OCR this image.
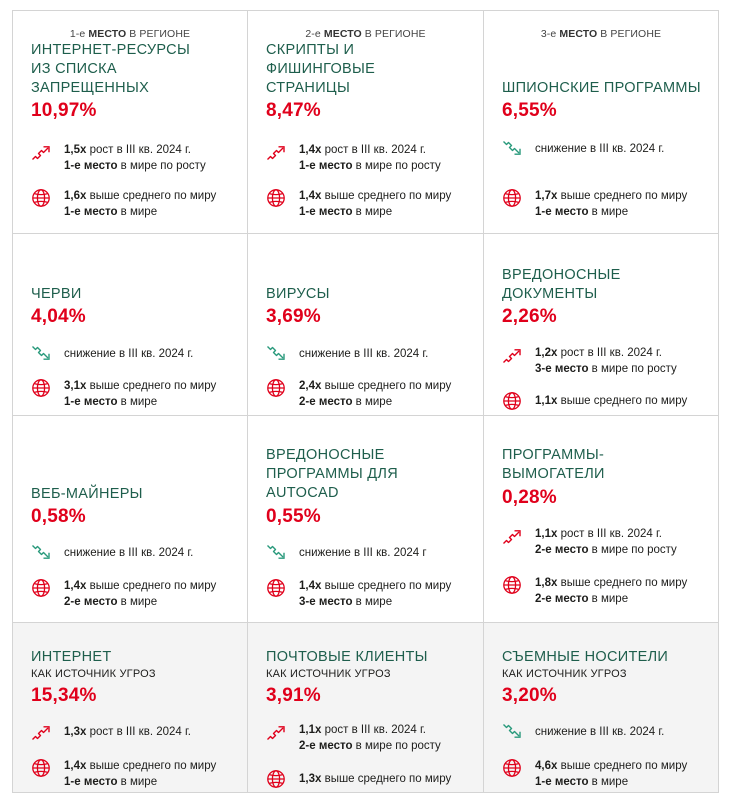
1-е МЕСТО В РЕГИОНЕ
ИНТЕРНЕТ-РЕСУРСЫ
ИЗ СПИСКА
ЗАПРЕЩЕННЫХ
10,97%
1,5x рост в III кв. 2024 г.
1-е место в мире по росту
1,6x выше среднего по миру
1-е место в мире
2-е МЕСТО В РЕГИОНЕ
СКРИПТЫ И
ФИШИНГОВЫЕ
СТРАНИЦЫ
8,47%
1,4x рост в III кв. 2024 г.
1-е место в мире по росту
1,4x выше среднего по миру
1-е место в мире
3-е МЕСТО В РЕГИОНЕ
ШПИОНСКИЕ ПРОГРАММЫ
6,55%
снижение в III кв. 2024 г.
1,7x выше среднего по миру
1-е место в мире
ЧЕРВИ
4,04%
снижение в III кв. 2024 г.
3,1x выше среднего по миру
1-е место в мире
ВИРУСЫ
3,69%
снижение в III кв. 2024 г.
2,4x выше среднего по миру
2-е место в мире
ВРЕДОНОСНЫЕ
ДОКУМЕНТЫ
2,26%
1,2x рост в III кв. 2024 г.
3-е место в мире по росту
1,1x выше среднего по миру
ВЕБ-МАЙНЕРЫ
0,58%
снижение в III кв. 2024 г.
1,4x выше среднего по миру
2-е место в мире
ВРЕДОНОСНЫЕ
ПРОГРАММЫ ДЛЯ
AUTOCAD
0,55%
снижение в III кв. 2024 г
1,4x выше среднего по миру
3-е место в мире
ПРОГРАММЫ-
ВЫМОГАТЕЛИ
0,28%
1,1x рост в III кв. 2024 г.
2-е место в мире по росту
1,8x выше среднего по миру
2-е место в мире
ИНТЕРНЕТ
КАК ИСТОЧНИК УГРОЗ
15,34%
1,3x рост в III кв. 2024 г.
1,4x выше среднего по миру
1-е место в мире
ПОЧТОВЫЕ КЛИЕНТЫ
КАК ИСТОЧНИК УГРОЗ
3,91%
1,1x рост в III кв. 2024 г.
2-е место в мире по росту
1,3x выше среднего по миру
СЪЕМНЫЕ НОСИТЕЛИ
КАК ИСТОЧНИК УГРОЗ
3,20%
снижение в III кв. 2024 г.
4,6x выше среднего по миру
1-е место в мире
